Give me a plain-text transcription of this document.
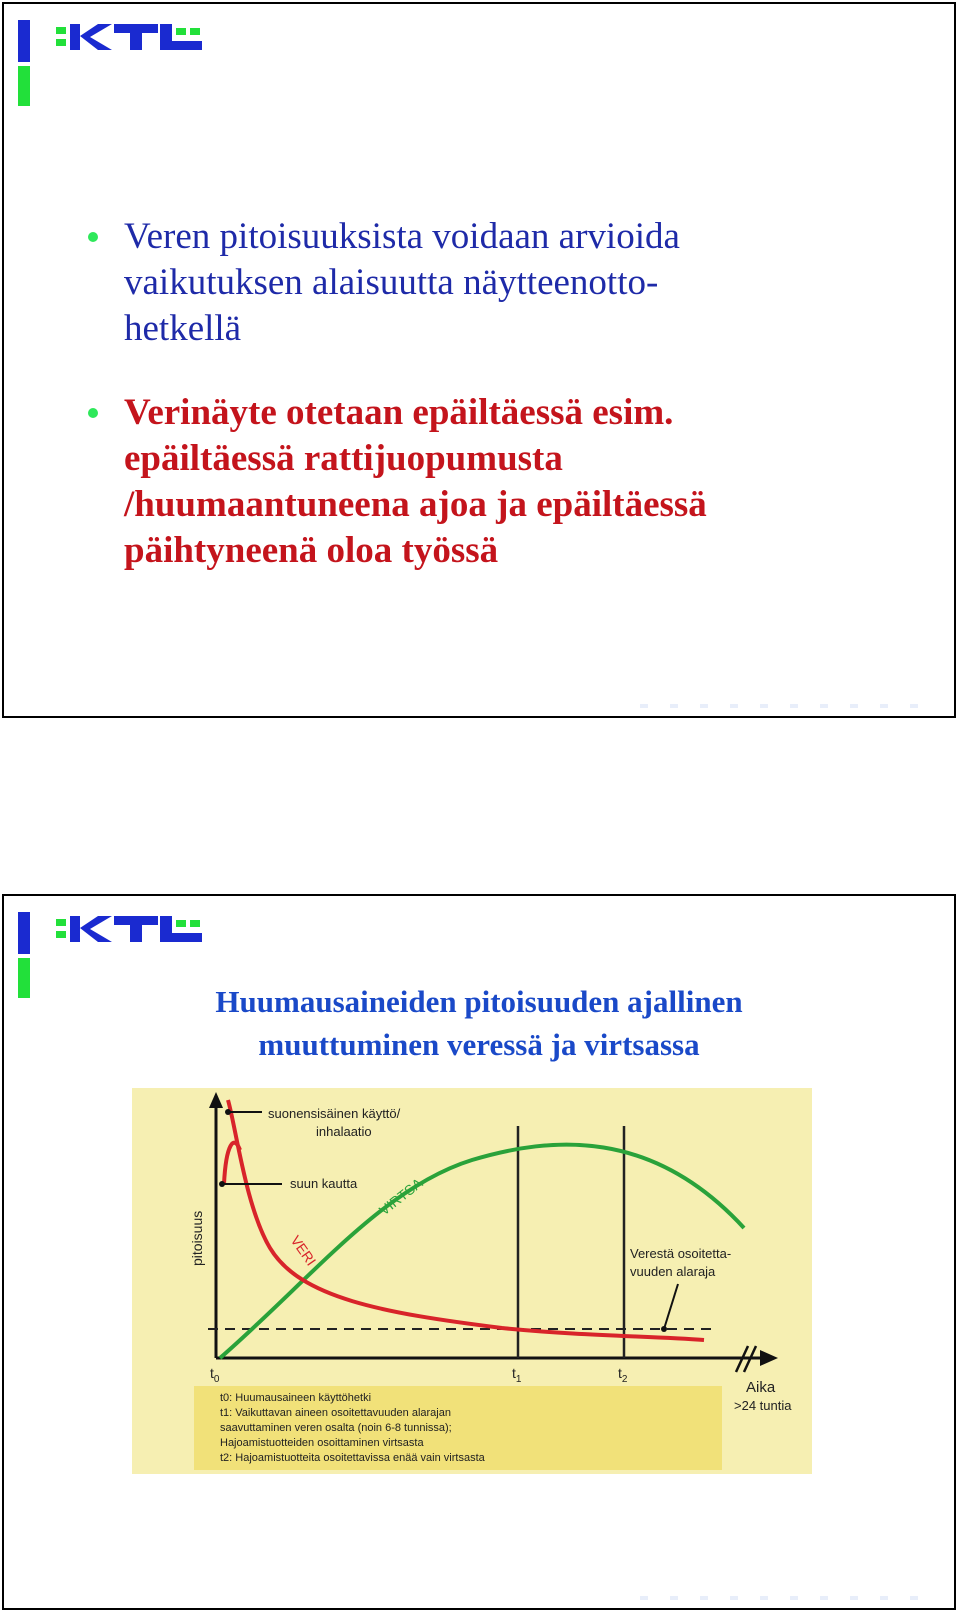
Veren pitoisuuksista voidaan arvioida
vaikutuksen alaisuutta näytteenotto-
hetkellä
Verinäyte otetaan epäiltäessä esim.
epäiltäessä rattijuopumusta
/huumaantuneena ajoa ja epäiltäessä
päihtyneenä oloa työssä
Huumausaineiden pitoisuuden ajallinen
muuttuminen veressä ja virtsassa
suonensisäinen käyttö/
inhalaatio
suun kautta
Verestä osoitetta-
vuuden alaraja
pitoisuus	VERI
VIRTSA
$t_0$	$t_1$	$t_2$	Aika
>24 tuntia
t0: Huumausaineen käyttöhetki
t1: Vaikuttavan aineen osoitettavuuden alarajan
saavuttaminen veren osalta (noin 6-8 tunnissa);
Hajoamistuotteiden osoittaminen virtsasta
t2: Hajoamistuotteita osoitettavissa enää vain virtsasta
